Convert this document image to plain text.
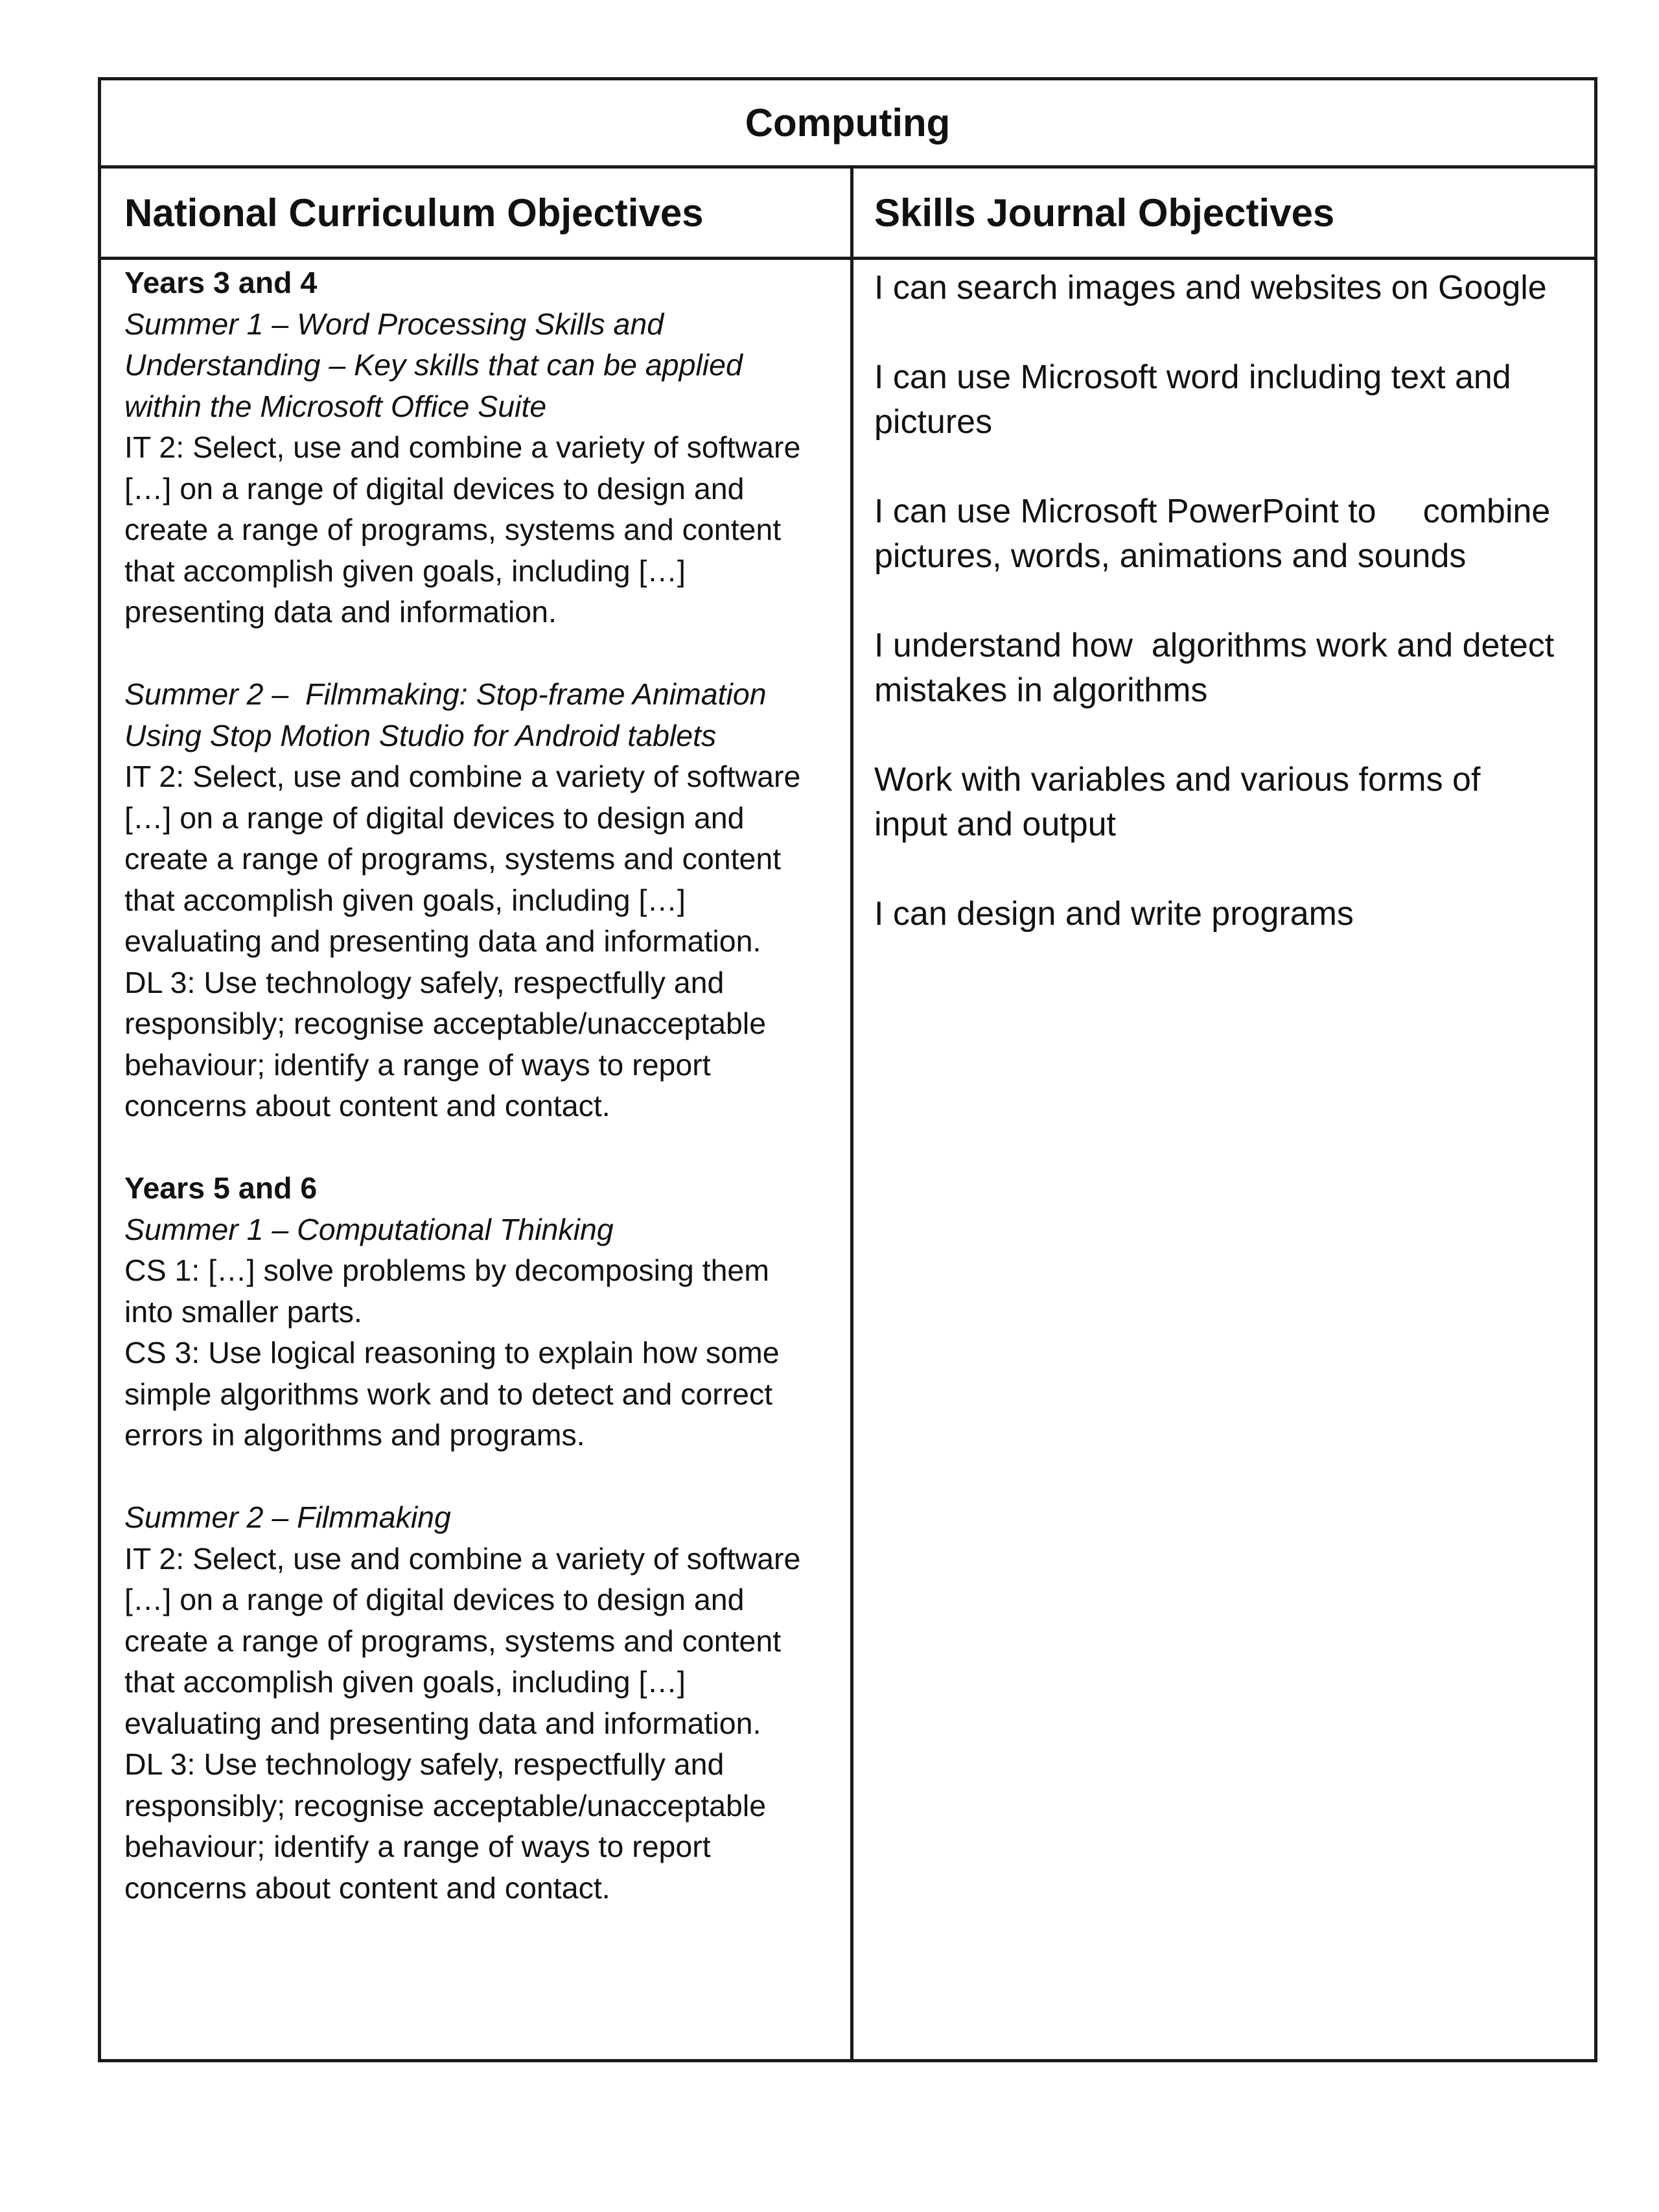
Computing
National Curriculum Objectives	Skills Journal Objectives

Years 3 and 4

Summer 1 – Word Processing Skills and

Understanding – Key skills that can be applied

within the Microsoft Office Suite

IT 2: Select, use and combine a variety of software

[…] on a range of digital devices to design and

create a range of programs, systems and content

that accomplish given goals, including […]

presenting data and information.

Summer 2 –  Filmmaking: Stop-frame Animation

Using Stop Motion Studio for Android tablets

IT 2: Select, use and combine a variety of software

[…] on a range of digital devices to design and

create a range of programs, systems and content

that accomplish given goals, including […]

evaluating and presenting data and information.

DL 3: Use technology safely, respectfully and

responsibly; recognise acceptable/unacceptable

behaviour; identify a range of ways to report

concerns about content and contact.

Years 5 and 6

Summer 1 – Computational Thinking

CS 1: […] solve problems by decomposing them

into smaller parts.

CS 3: Use logical reasoning to explain how some

simple algorithms work and to detect and correct

errors in algorithms and programs.

Summer 2 – Filmmaking

IT 2: Select, use and combine a variety of software

[…] on a range of digital devices to design and

create a range of programs, systems and content

that accomplish given goals, including […]

evaluating and presenting data and information.

DL 3: Use technology safely, respectfully and

responsibly; recognise acceptable/unacceptable

behaviour; identify a range of ways to report

concerns about content and contact.

I can search images and websites on Google

I can use Microsoft word including text and

pictures

I can use Microsoft PowerPoint to     combine

pictures, words, animations and sounds

I understand how  algorithms work and detect

mistakes in algorithms

Work with variables and various forms of

input and output

I can design and write programs
